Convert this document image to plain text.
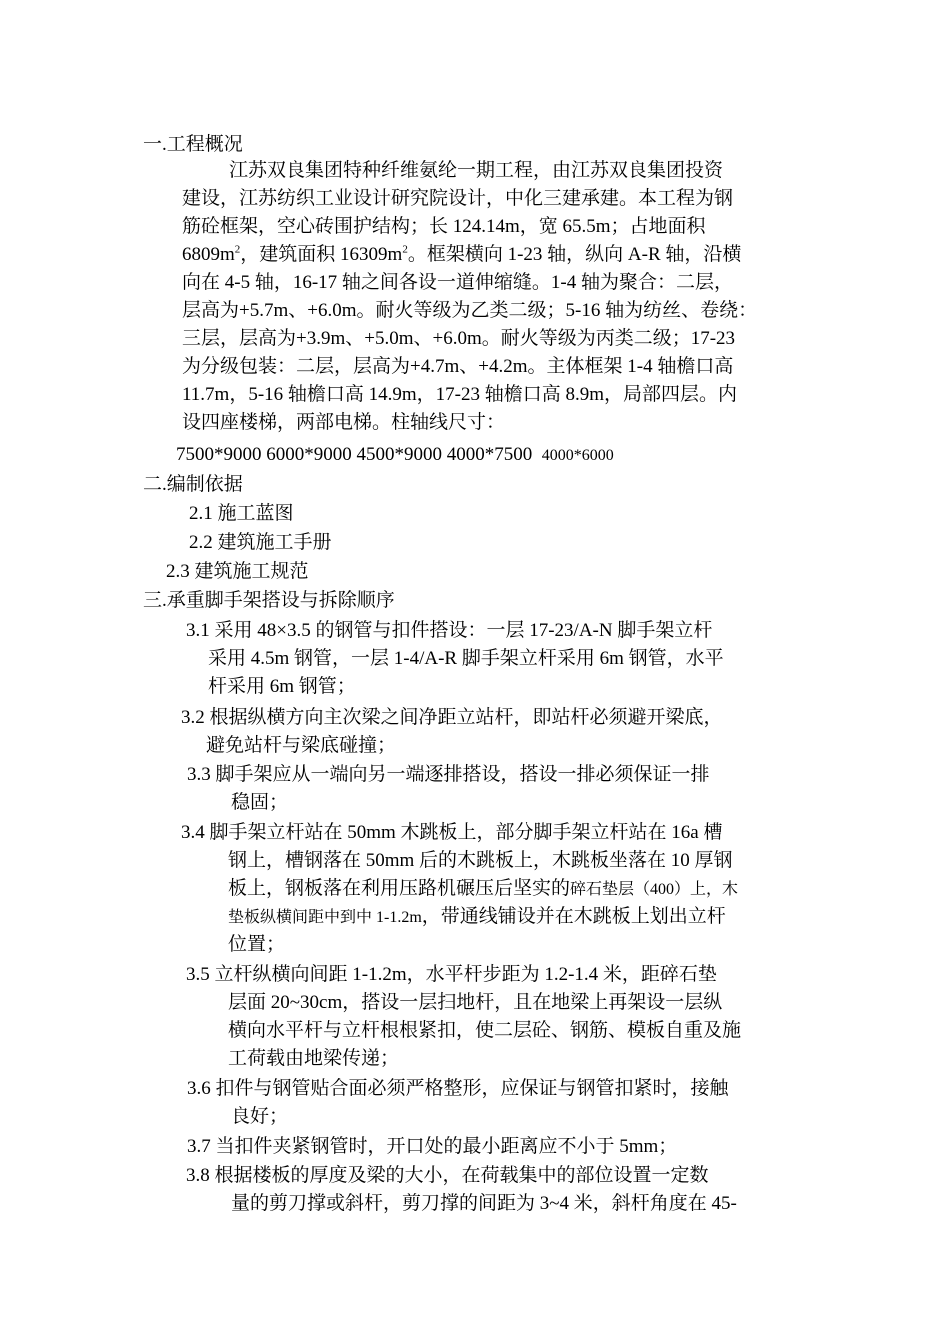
一.工程概况
江苏双良集团特种纤维氨纶一期工程，由江苏双良集团投资
建设，江苏纺织工业设计研究院设计，中化三建承建。本工程为钢
筋砼框架，空心砖围护结构；长 124.14m，宽 65.5m；占地面积
$6809m^2$，建筑面积 $16309m^2$。框架横向 1-23 轴，纵向 A-R 轴，沿横
向在 4-5 轴，16-17 轴之间各设一道伸缩缝。1-4 轴为聚合：二层，
层高为+5.7m、+6.0m。耐火等级为乙类二级；5-16 轴为纺丝、卷绕：
三层，层高为+3.9m、+5.0m、+6.0m。耐火等级为丙类二级；17-23
为分级包装：二层，层高为+4.7m、+4.2m。主体框架 1-4 轴檐口高
11.7m，5-16 轴檐口高 14.9m，17-23 轴檐口高 8.9m，局部四层。内
设四座楼梯，两部电梯。柱轴线尺寸：
7500*9000 6000*9000 4500*9000 4000*7500 4000*6000
二.编制依据
2.1 施工蓝图
2.2 建筑施工手册
2.3 建筑施工规范
三.承重脚手架搭设与拆除顺序
3.1 采用 48×3.5 的钢管与扣件搭设：一层 17-23/A-N 脚手架立杆
采用 4.5m 钢管，一层 1-4/A-R 脚手架立杆采用 6m 钢管，水平
杆采用 6m 钢管；
3.2 根据纵横方向主次梁之间净距立站杆，即站杆必须避开梁底，
避免站杆与梁底碰撞；
3.3 脚手架应从一端向另一端逐排搭设，搭设一排必须保证一排
稳固；
3.4 脚手架立杆站在 50mm 木跳板上，部分脚手架立杆站在 16a 槽
钢上，槽钢落在 50mm 后的木跳板上，木跳板坐落在 10 厚钢
板上，钢板落在利用压路机碾压后坚实的碎石垫层（400）上，木
垫板纵横间距中到中 1-1.2m，带通线铺设并在木跳板上划出立杆
位置；
3.5 立杆纵横向间距 1-1.2m，水平杆步距为 1.2-1.4 米，距碎石垫
层面 20~30cm，搭设一层扫地杆，且在地梁上再架设一层纵
横向水平杆与立杆根根紧扣，使二层砼、钢筋、模板自重及施
工荷载由地梁传递；
3.6 扣件与钢管贴合面必须严格整形，应保证与钢管扣紧时，接触
良好；
3.7 当扣件夹紧钢管时，开口处的最小距离应不小于 5mm；
3.8 根据楼板的厚度及梁的大小，在荷载集中的部位设置一定数
量的剪刀撑或斜杆，剪刀撑的间距为 3~4 米，斜杆角度在 45-
